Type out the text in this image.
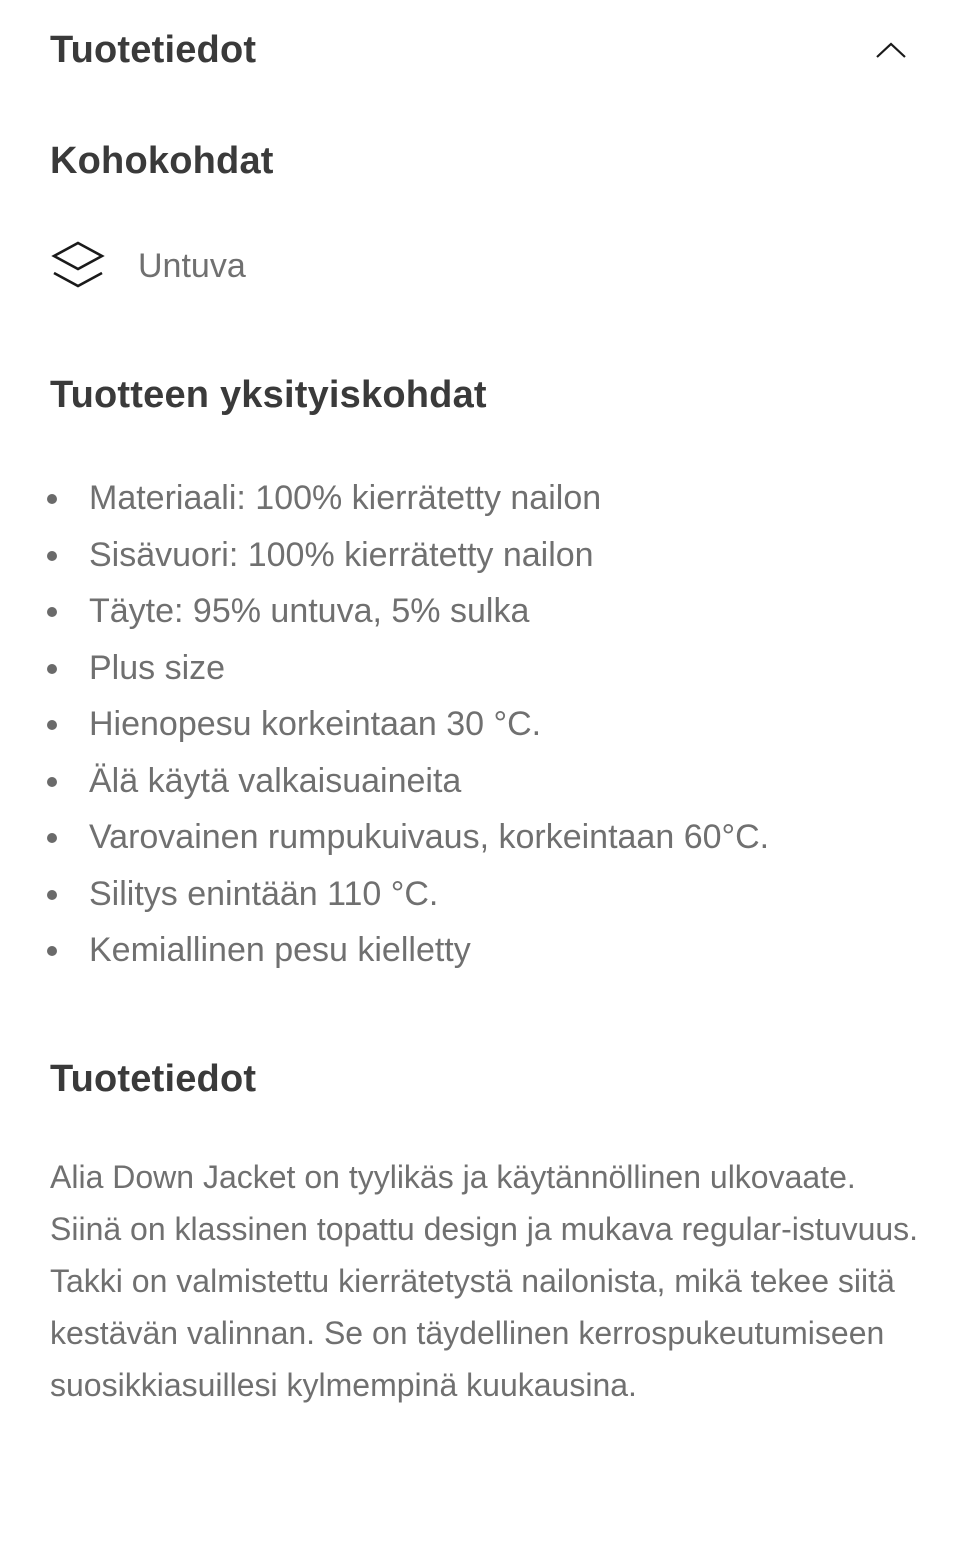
Tuotetiedot
Kohokohdat
Untuva
Tuotteen yksityiskohdat
Materiaali: 100% kierrätetty nailon
Sisävuori: 100% kierrätetty nailon
Täyte: 95% untuva, 5% sulka
Plus size
Hienopesu korkeintaan 30 °C.
Älä käytä valkaisuaineita
Varovainen rumpukuivaus, korkeintaan 60°C.
Silitys enintään 110 °C.
Kemiallinen pesu kielletty
Tuotetiedot

Alia Down Jacket on tyylikäs ja käytännöllinen ulkovaate. Siinä on klassinen topattu design ja mukava regular-istuvuus. Takki on valmistettu kierrätetystä nailonista, mikä tekee siitä kestävän valinnan. Se on täydellinen kerrospukeutumiseen suosikkiasuillesi kylmempinä kuukausina.
